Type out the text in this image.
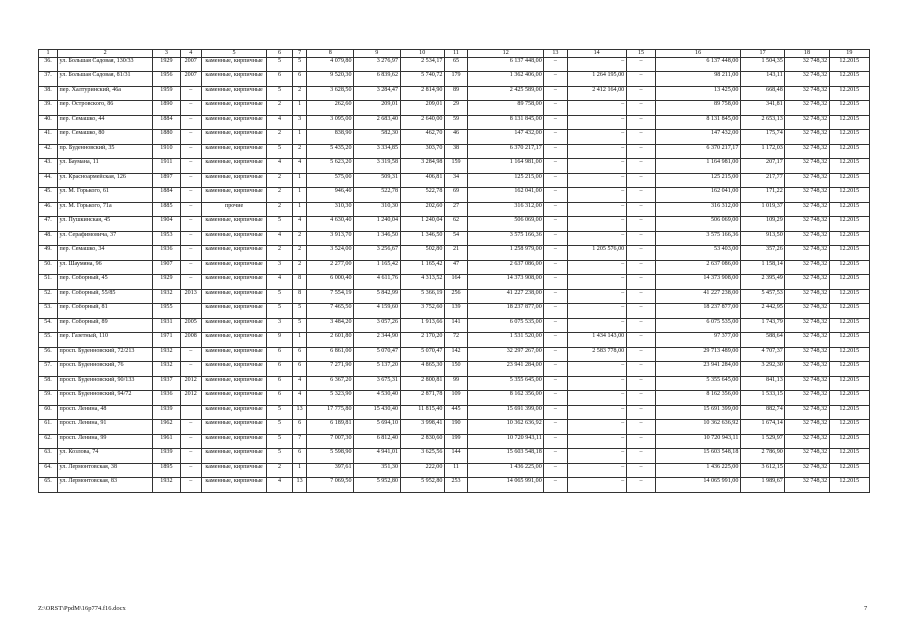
1	2	3	4	5	6	7	8	9	10	11	12	13	14	15	16	17	18	19
36.	ул. Большая Садовая, 130/33	1929	2007	каменные, кирпичные	5	5	4 079,80	3 276,97	2 534,17	65	6 137 448,00	–	–	–	6 137 448,00	1 504,35	32 748,32	12.2015
37.	ул. Большая Садовая, 81/31	1956	2007	каменные, кирпичные	6	6	9 520,30	6 839,62	5 740,72	179	1 362 406,00	–	1 264 195,00	–	98 211,00	143,11	32 748,32	12.2015
38.	пер. Халтуринский, 46а	1959	–	каменные, кирпичные	5	2	3 628,50	3 284,47	2 814,90	89	2 425 589,00	–	2 412 164,00	–	13 425,00	668,48	32 748,32	12.2015
39.	пер. Островского, 86	1890	–	каменные, кирпичные	2	1	262,60	209,01	209,01	29	89 758,00	–	–	–	89 758,00	341,81	32 748,32	12.2015
40.	пер. Семашко, 44	1884	–	каменные, кирпичные	4	3	3 095,00	2 683,40	2 640,00	59	8 131 845,00	–	–	–	8 131 845,00	2 653,13	32 748,32	12.2015
41.	пер. Семашко, 80	1880	–	каменные, кирпичные	2	1	838,90	582,30	462,70	46	147 432,00	–	–	–	147 432,00	175,74	32 748,32	12.2015
42.	пр. Буденновский, 35	1910	–	каменные, кирпичные	5	2	5 435,20	3 334,85	303,70	38	6 370 217,17	–	–	–	6 370 217,17	1 172,03	32 748,32	12.2015
43.	ул. Баумана, 11	1911	–	каменные, кирпичные	4	4	5 623,20	3 319,58	3 284,98	159	1 164 981,00	–	–	–	1 164 981,00	207,17	32 748,32	12.2015
44.	ул. Красноармейская, 126	1897	–	каменные, кирпичные	2	1	575,00	509,31	406,81	34	125 215,00	–	–	–	125 215,00	217,77	32 748,32	12.2015
45.	ул. М. Горького, 61	1884	–	каменные, кирпичные	2	1	946,40	522,78	522,78	69	162 041,00	–	–	–	162 041,00	171,22	32 748,32	12.2015
46.	ул. М. Горького, 71а	1885	–	прочие	2	1	310,30	310,30	202,60	27	316 312,00	–	–	–	316 312,00	1 019,37	32 748,32	12.2015
47.	ул. Пушкинская, 45	1904	–	каменные, кирпичные	5	4	4 630,40	1 240,04	1 240,04	62	506 069,00	–	–	–	506 069,00	109,29	32 748,32	12.2015
48.	ул. Серафимовича, 37	1953	–	каменные, кирпичные	4	2	3 913,70	1 346,50	1 346,50	54	3 575 166,36	–	–	–	3 575 166,36	913,50	32 748,32	12.2015
49.	пер. Семашко, 34	1936	–	каменные, кирпичные	2	2	3 524,00	3 256,67	502,80	21	1 258 979,00	–	1 205 576,00	–	53 403,00	357,26	32 748,32	12.2015
50.	ул. Шаумяна, 96	1907	–	каменные, кирпичные	3	2	2 277,00	1 165,42	1 165,42	47	2 637 086,00	–	–	–	2 637 086,00	1 158,14	32 748,32	12.2015
51.	пер. Соборный, 45	1929	–	каменные, кирпичные	4	8	6 000,40	4 611,76	4 313,52	164	14 373 908,00	–	–	–	14 373 908,00	2 395,49	32 748,32	12.2015
52.	пер. Соборный, 55/85	1932	2013	каменные, кирпичные	5	8	7 554,19	5 842,99	5 366,19	256	41 227 238,00	–	–	–	41 227 238,00	5 457,53	32 748,32	12.2015
53.	пер. Соборный, 81	1955		каменные, кирпичные	5	5	7 465,50	4 159,60	3 752,60	139	18 237 877,00	–	–	–	18 237 877,00	2 442,95	32 748,32	12.2015
54.	пер. Соборный, 89	1931	2005	каменные, кирпичные	3	5	3 484,20	3 057,26	1 913,66	141	6 075 535,00	–	–	–	6 075 535,00	1 743,79	32 748,32	12.2015
55.	пер. Газетный, 110	1971	2008	каменные, кирпичные	9	1	2 601,80	2 344,90	2 170,20	72	1 531 520,00	–	1 434 143,00	–	97 377,00	588,64	32 748,32	12.2015
56.	просп. Буденновский, 72/213	1932	–	каменные, кирпичные	6	6	6 861,00	5 070,47	5 070,47	142	32 297 267,00	–	2 583 778,00	–	29 713 489,00	4 707,37	32 748,32	12.2015
57.	просп. Буденновский, 76	1932	–	каменные, кирпичные	6	6	7 271,90	5 137,20	4 865,30	150	23 941 284,00	–	–	–	23 941 284,00	3 292,30	32 748,32	12.2015
58.	просп. Буденновский, 90/133	1937	2012	каменные, кирпичные	6	4	6 367,20	3 675,31	2 800,81	99	5 355 645,00	–	–	–	5 355 645,00	841,13	32 748,32	12.2015
59.	просп. Буденновский, 94/72	1936	2012	каменные, кирпичные	6	4	5 323,90	4 530,40	2 871,78	109	8 162 356,00	–	–	–	8 162 356,00	1 533,15	32 748,32	12.2015
60.	просп. Ленина, 48	1939		каменные, кирпичные	5	13	17 775,80	15 430,40	11 815,40	445	15 691 399,00	–	–	–	15 691 399,00	882,74	32 748,32	12.2015
61.	просп. Ленина, 91	1962	–	каменные, кирпичные	5	6	6 189,81	5 694,10	3 998,41	190	10 362 636,92	–	–	–	10 362 636,92	1 674,14	32 748,32	12.2015
62.	просп. Ленина, 99	1961	–	каменные, кирпичные	5	7	7 007,30	6 812,40	2 830,60	199	10 720 943,11	–	–	–	10 720 943,11	1 529,97	32 748,32	12.2015
63.	ул. Козлова, 74	1939	–	каменные, кирпичные	5	6	5 598,90	4 941,01	3 625,56	144	15 603 548,18	–	–	–	15 603 548,18	2 786,90	32 748,32	12.2015
64.	ул. Лермонтовская, 38	1895	–	каменные, кирпичные	2	1	397,61	351,30	222,00	11	1 436 225,00	–	–	–	1 436 225,00	3 612,15	32 748,32	12.2015
65.	ул. Лермонтовская, 83	1932	–	каменные, кирпичные	4	13	7 069,50	5 952,80	5 952,80	253	14 065 991,00	–	–	–	14 065 991,00	1 989,67	32 748,32	12.2015
Z:\ORST\PpdM\16p774.f16.docx	7
